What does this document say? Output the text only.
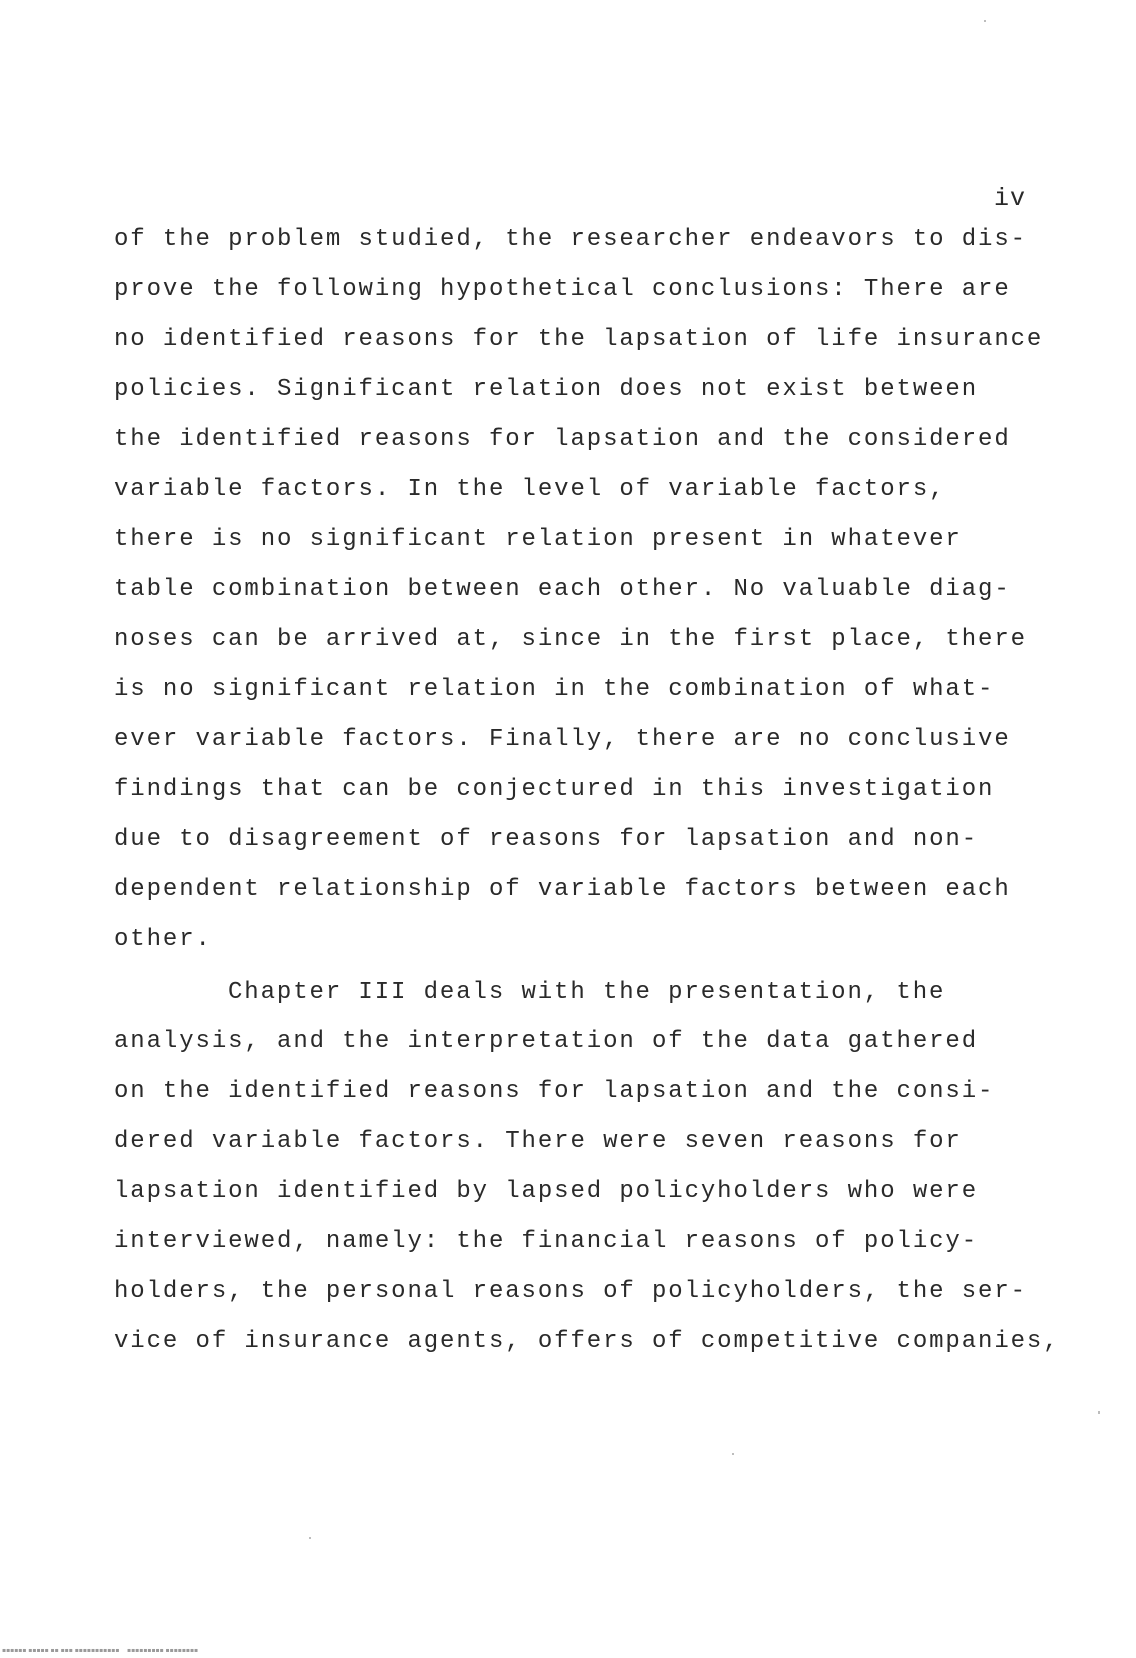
iv
of the problem studied, the researcher endeavors to dis-
prove the following hypothetical conclusions: There are
no identified reasons for the lapsation of life insurance
policies. Significant relation does not exist between
the identified reasons for lapsation and the considered
variable factors. In the level of variable factors,
there is no significant relation present in whatever
table combination between each other. No valuable diag-
noses can be arrived at, since in the first place, there
is no significant relation in the combination of what-
ever variable factors. Finally, there are no conclusive
findings that can be conjectured in this investigation
due to disagreement of reasons for lapsation and non-
dependent relationship of variable factors between each
other.
Chapter III deals with the presentation, the
analysis, and the interpretation of the data gathered
on the identified reasons for lapsation and the consi-
dered variable factors. There were seven reasons for
lapsation identified by lapsed policyholders who were
interviewed, namely: the financial reasons of policy-
holders, the personal reasons of policyholders, the ser-
vice of insurance agents, offers of competitive companies,
▪▪▪▪▪▪ ▪▪▪▪▪ ▪▪ ▪▪▪ ▪▪▪▪▪▪▪▪▪▪▪    ▪▪▪▪▪▪▪▪▪ ▪▪▪▪▪▪▪▪
